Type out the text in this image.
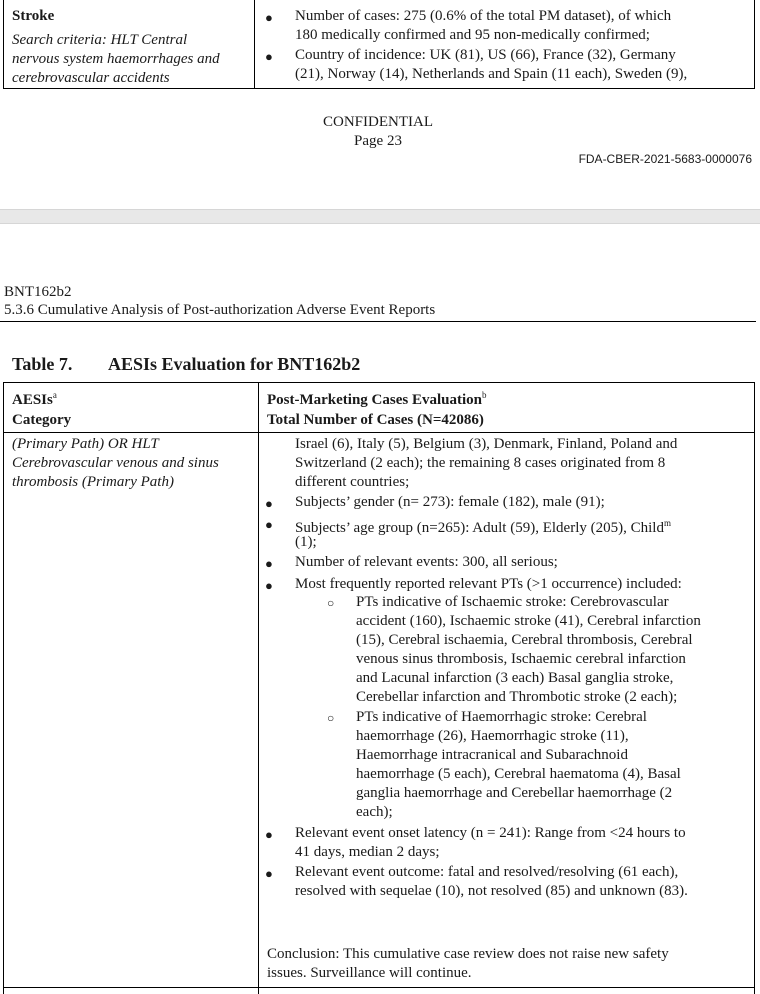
Stroke
Search criteria: HLT Central
nervous system haemorrhages and
cerebrovascular accidents
● Number of cases: 275 (0.6% of the total PM dataset), of which
180 medically confirmed and 95 non-medically confirmed;
● Country of incidence: UK (81), US (66), France (32), Germany
(21), Norway (14), Netherlands and Spain (11 each), Sweden (9),
CONFIDENTIAL
Page 23
FDA-CBER-2021-5683-0000076
BNT162b2
5.3.6 Cumulative Analysis of Post-authorization Adverse Event Reports
Table 7. AESIs Evaluation for BNT162b2
AESIs$^a$
Category
Post-Marketing Cases Evaluation$^b$
Total Number of Cases (N=42086)
(Primary Path) OR HLT
Cerebrovascular venous and sinus
thrombosis (Primary Path)
Israel (6), Italy (5), Belgium (3), Denmark, Finland, Poland and
Switzerland (2 each); the remaining 8 cases originated from 8
different countries;
● Subjects’ gender (n= 273): female (182), male (91);
● Subjects’ age group (n=265): Adult (59), Elderly (205), Child$^m$
(1);
● Number of relevant events: 300, all serious;
● Most frequently reported relevant PTs (>1 occurrence) included:
○ PTs indicative of Ischaemic stroke: Cerebrovascular
accident (160), Ischaemic stroke (41), Cerebral infarction
(15), Cerebral ischaemia, Cerebral thrombosis, Cerebral
venous sinus thrombosis, Ischaemic cerebral infarction
and Lacunal infarction (3 each) Basal ganglia stroke,
Cerebellar infarction and Thrombotic stroke (2 each);
○ PTs indicative of Haemorrhagic stroke: Cerebral
haemorrhage (26), Haemorrhagic stroke (11),
Haemorrhage intracranical and Subarachnoid
haemorrhage (5 each), Cerebral haematoma (4), Basal
ganglia haemorrhage and Cerebellar haemorrhage (2
each);
● Relevant event onset latency (n = 241): Range from <24 hours to
41 days, median 2 days;
● Relevant event outcome: fatal and resolved/resolving (61 each),
resolved with sequelae (10), not resolved (85) and unknown (83).
Conclusion: This cumulative case review does not raise new safety
issues. Surveillance will continue.
